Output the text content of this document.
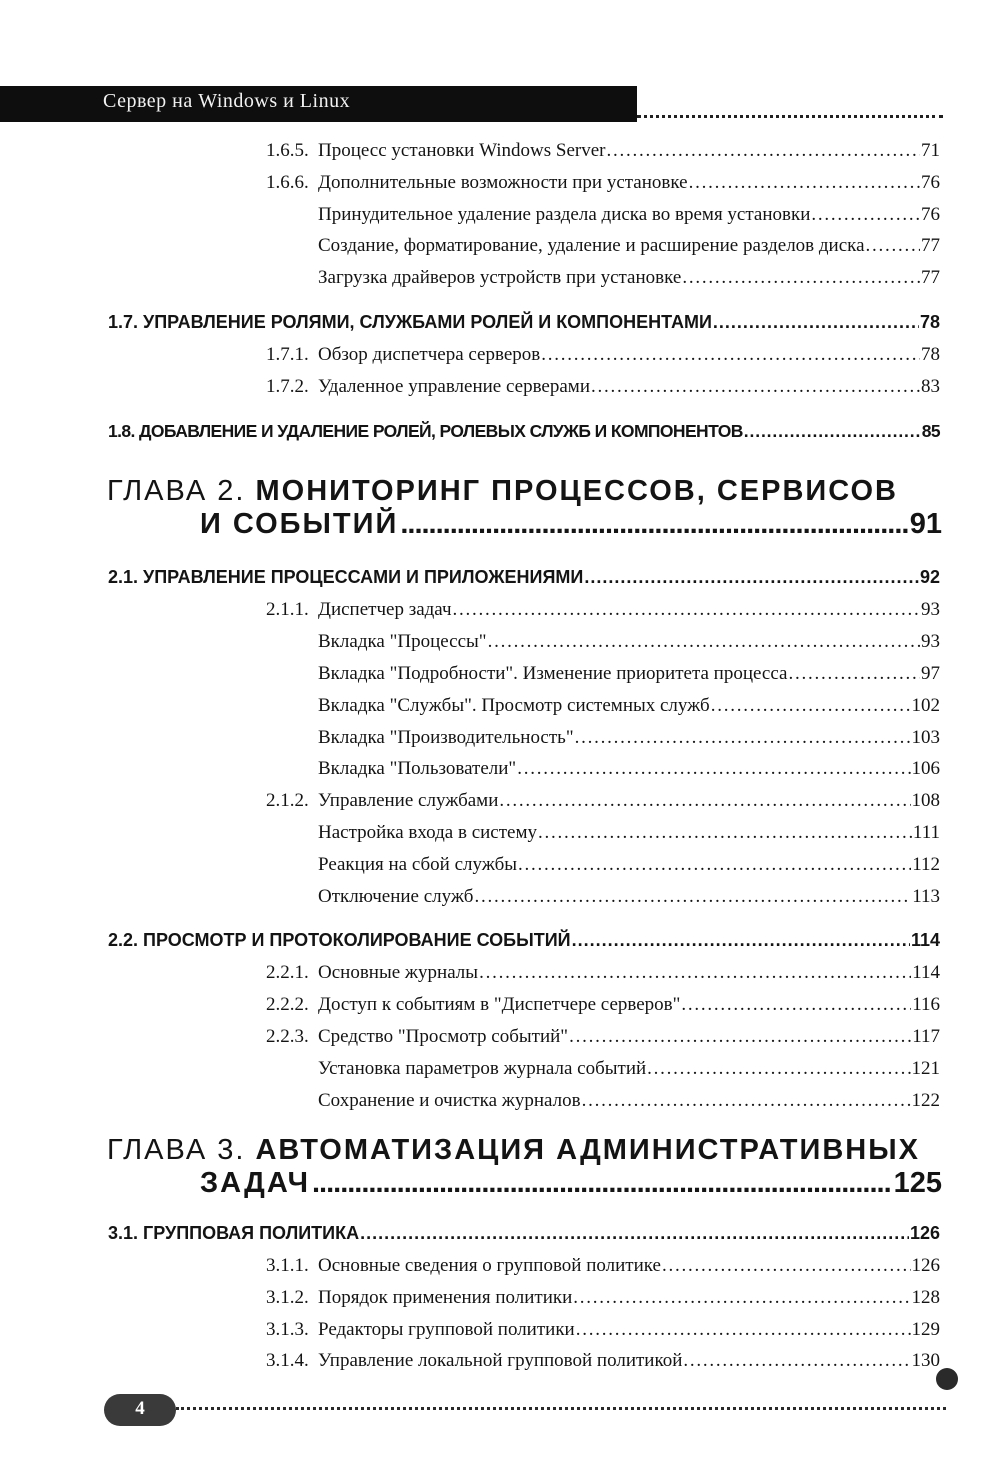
Сервер на Windows и Linux
1.6.5. Процесс установки Windows Server . . .	71
1.6.6. Дополнительные возможности при установке . . .	76
Принудительное удаление раздела диска во время установки . . .	76
Создание, форматирование, удаление и расширение разделов диска . . .	77
Загрузка драйверов устройств при установке . . .	77
1.7. УПРАВЛЕНИЕ РОЛЯМИ, СЛУЖБАМИ РОЛЕЙ И КОМПОНЕНТАМИ . . .	78
1.7.1. Обзор диспетчера серверов . . .	78
1.7.2. Удаленное управление серверами . . .	83
1.8. ДОБАВЛЕНИЕ И УДАЛЕНИЕ РОЛЕЙ, РОЛЕВЫХ СЛУЖБ И КОМПОНЕНТОВ . . .	85
ГЛАВА 2. МОНИТОРИНГ ПРОЦЕССОВ, СЕРВИСОВ
И СОБЫТИЙ .....	91
2.1. УПРАВЛЕНИЕ ПРОЦЕССАМИ И ПРИЛОЖЕНИЯМИ . . .	92
2.1.1. Диспетчер задач . . .	93
Вкладка "Процессы" . . .	93
Вкладка "Подробности". Изменение приоритета процесса . . .	97
Вкладка "Службы". Просмотр системных служб . . .	102
Вкладка "Производительность" . . .	103
Вкладка "Пользователи" . . .	106
2.1.2. Управление службами . . .	108
Настройка входа в систему . . .	111
Реакция на сбой службы . . .	112
Отключение служб . . .	113
2.2. ПРОСМОТР И ПРОТОКОЛИРОВАНИЕ СОБЫТИЙ . . .	114
2.2.1. Основные журналы . . .	114
2.2.2. Доступ к событиям в "Диспетчере серверов" . . .	116
2.2.3. Средство "Просмотр событий" . . .	117
Установка параметров журнала событий . . .	121
Сохранение и очистка журналов . . .	122
ГЛАВА 3. АВТОМАТИЗАЦИЯ АДМИНИСТРАТИВНЫХ
ЗАДАЧ .....	125
3.1. ГРУППОВАЯ ПОЛИТИКА . . .	126
3.1.1. Основные сведения о групповой политике . . .	126
3.1.2. Порядок применения политики . . .	128
3.1.3. Редакторы групповой политики . . .	129
3.1.4. Управление локальной групповой политикой . . .	130
4
